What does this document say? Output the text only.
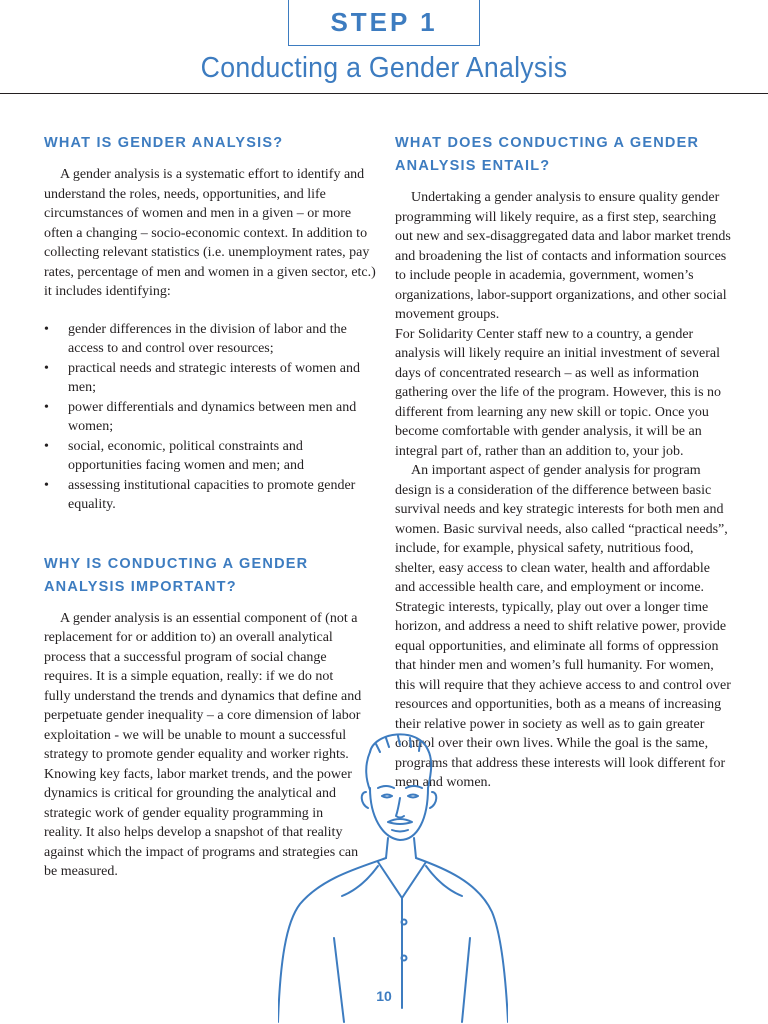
STEP 1
Conducting a Gender Analysis
WHAT IS GENDER ANALYSIS?

A gender analysis is a systematic effort to identify and understand the roles, needs, opportunities, and life circumstances of women and men in a given – or more often a changing – socio-economic context. In addition to collecting relevant statistics (i.e. unemployment rates, pay rates, percentage of men and women in a given sector, etc.) it includes identifying:

• gender differences in the division of labor and the access to and control over resources;
• practical needs and strategic interests of women and men;
• power differentials and dynamics between men and women;
• social, economic, political constraints and opportunities facing women and men; and
• assessing institutional capacities to promote gender equality.
WHY IS CONDUCTING A GENDER ANALYSIS IMPORTANT?

A gender analysis is an essential component of (not a replacement for or addition to) an overall analytical process that a successful program of social change requires. It is a simple equation, really: if we do not fully understand the trends and dynamics that define and perpetuate gender inequality – a core dimension of labor exploitation - we will be unable to mount a successful strategy to promote gender equality and worker rights. Knowing key facts, labor market trends, and the power dynamics is critical for grounding the analytical and strategic work of gender equality programming in reality. It also helps develop a snapshot of that reality against which the impact of programs and strategies can be measured.

WHAT DOES CONDUCTING A GENDER ANALYSIS ENTAIL?

Undertaking a gender analysis to ensure quality gender programming will likely require, as a first step, searching out new and sex-disaggregated data and labor market trends and broadening the list of contacts and information sources to include people in academia, government, women’s organizations, labor-support organizations, and other social movement groups.

For Solidarity Center staff new to a country, a gender analysis will likely require an initial investment of several days of concentrated research – as well as information gathering over the life of the program. However, this is no different from learning any new skill or topic. Once you become comfortable with gender analysis, it will be an integral part of, rather than an addition to, your job.

An important aspect of gender analysis for program design is a consideration of the difference between basic survival needs and key strategic interests for both men and women. Basic survival needs, also called “practical needs”, include, for example, physical safety, nutritious food, shelter, easy access to clean water, health and affordable and accessible health care, and employment or income. Strategic interests, typically, play out over a longer time horizon, and address a need to shift relative power, provide equal opportunities, and eliminate all forms of oppression that hinder men and women’s full humanity. For women, this will require that they achieve access to and control over resources and opportunities, both as a means of increasing their relative power in society as well as to gain greater control over their own lives. While the goal is the same, programs that address these interests will look different for men and women.

10
